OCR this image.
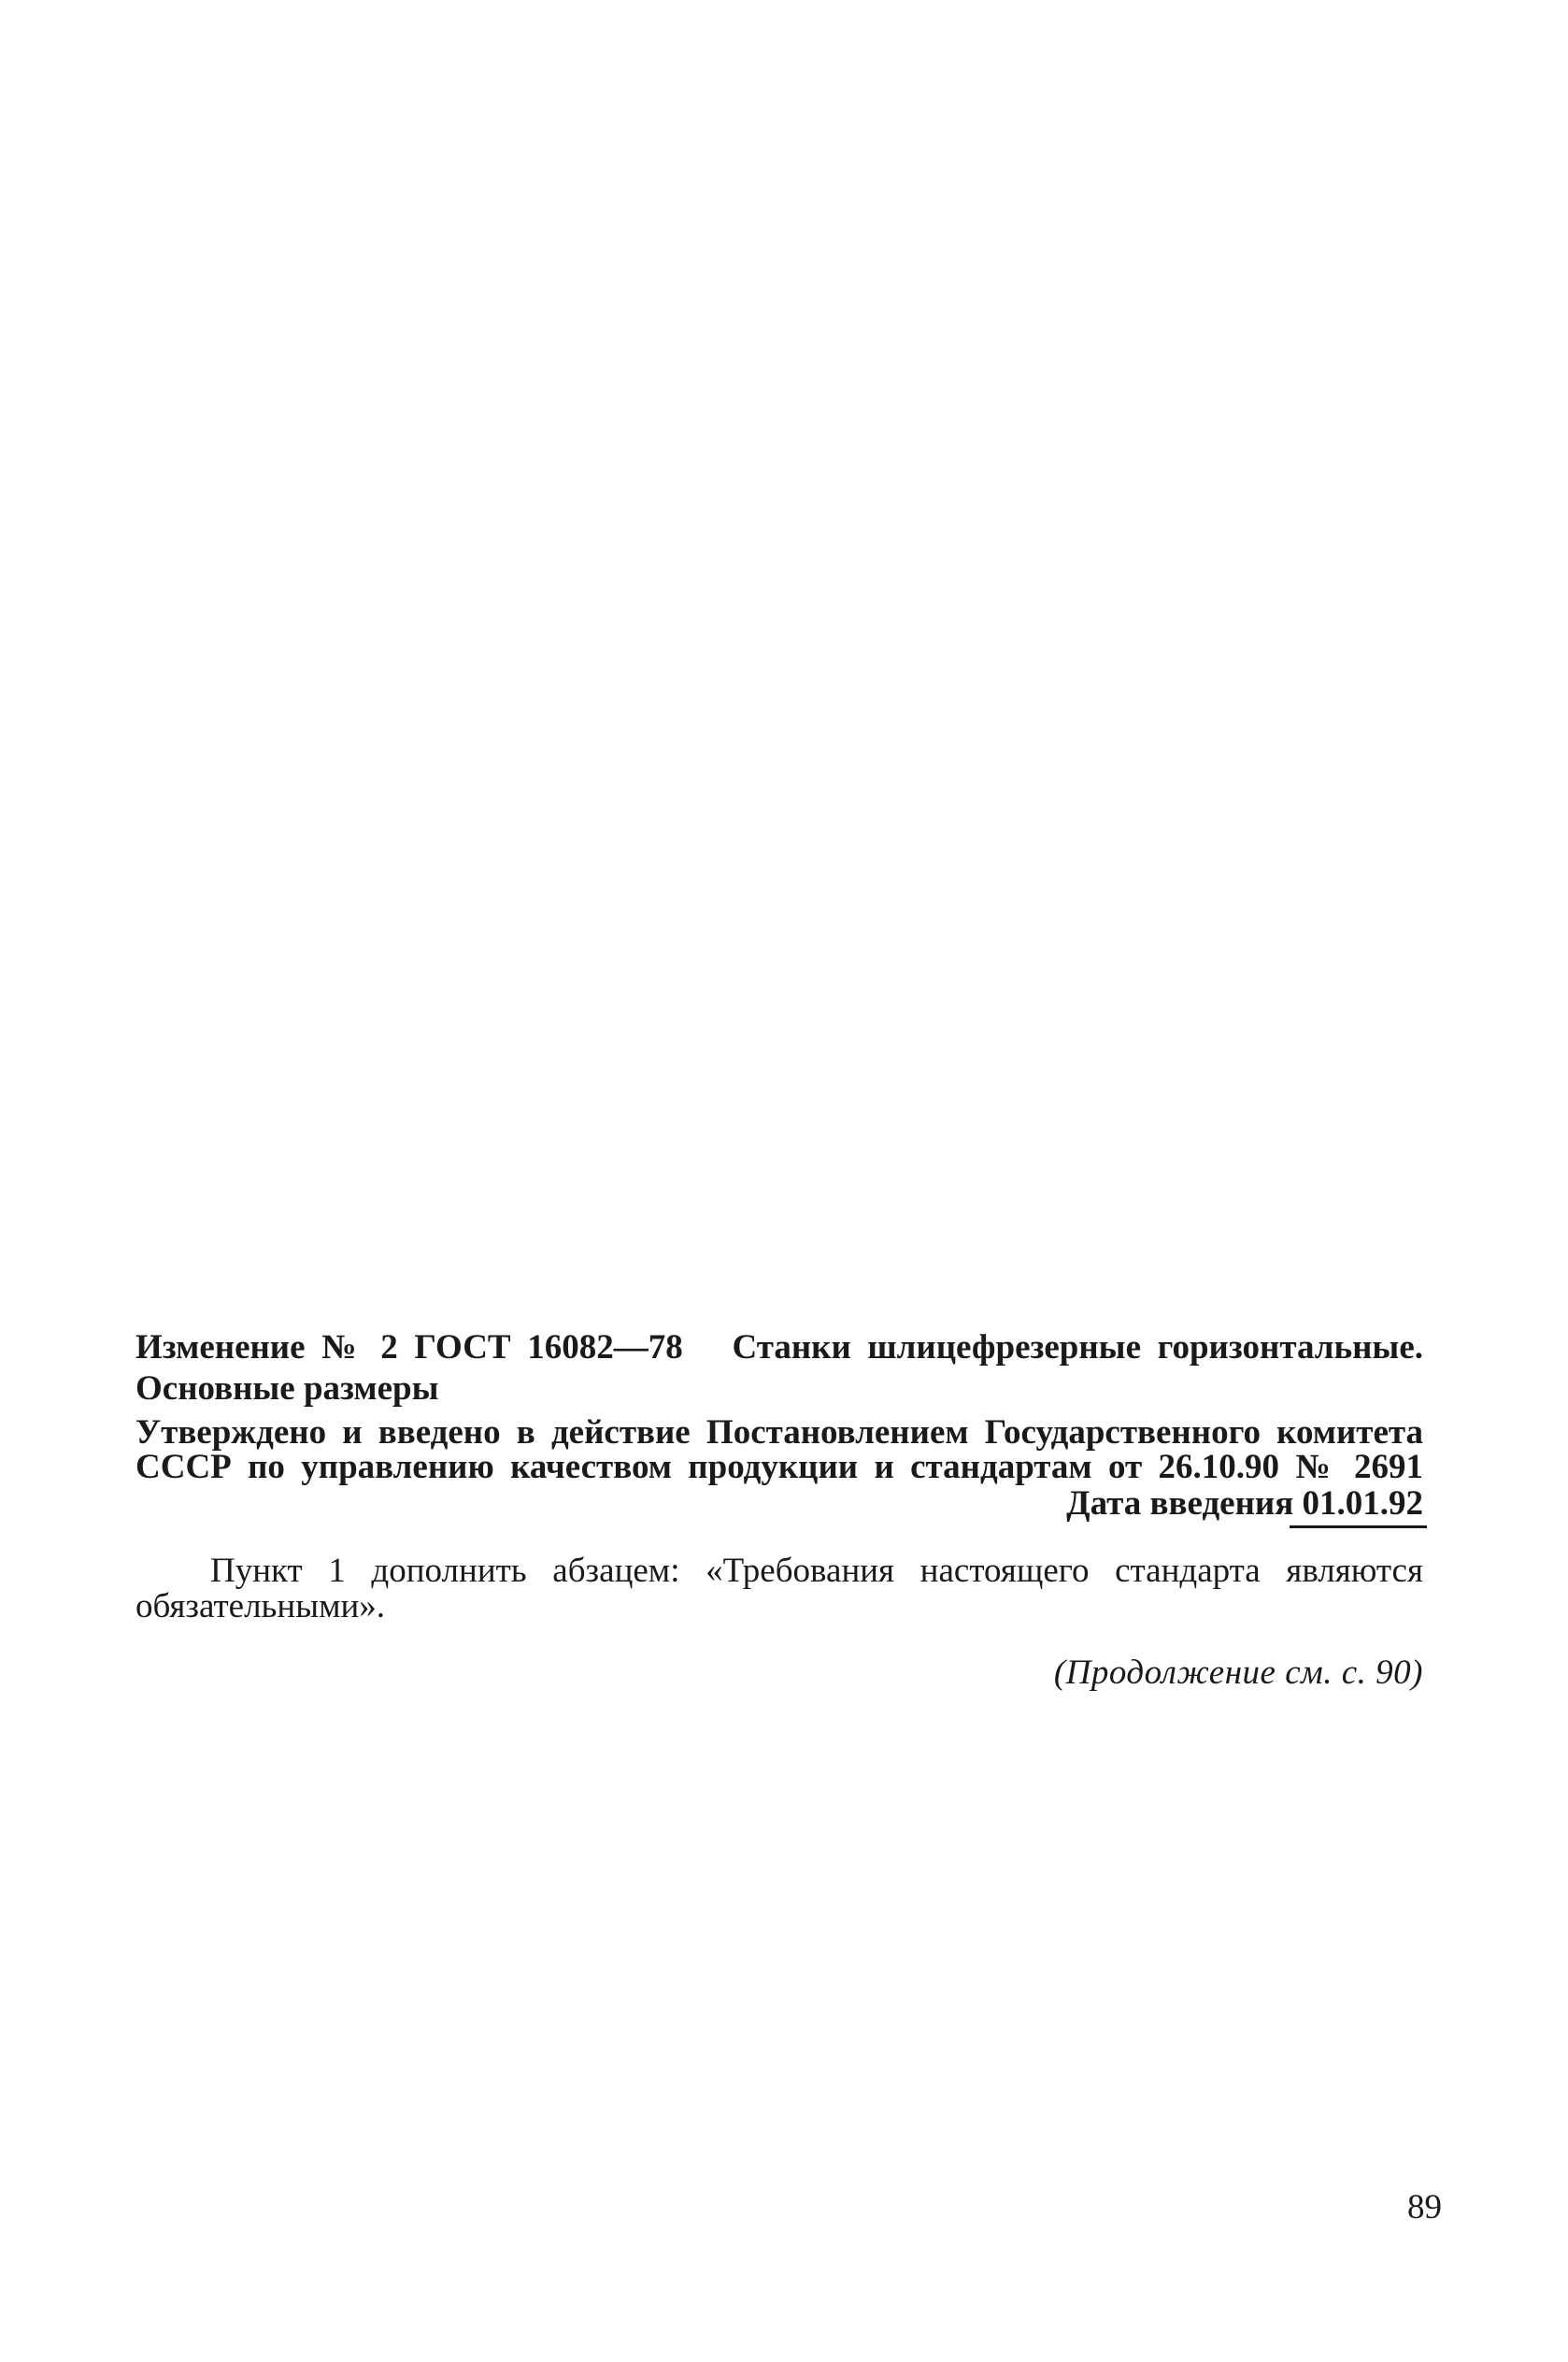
Изменение № 2 ГОСТ 16082—78 Станки шлицефрезерные горизонтальные. Основные размеры
Утверждено и введено в действие Постановлением Государственного комитета
СССР по управлению качеством продукции и стандартам от 26.10.90 № 2691
Дата введения 01.01.92
Пункт 1 дополнить абзацем: «Требования настоящего стандарта являются обязательными».
(Продолжение см. с. 90)
89
